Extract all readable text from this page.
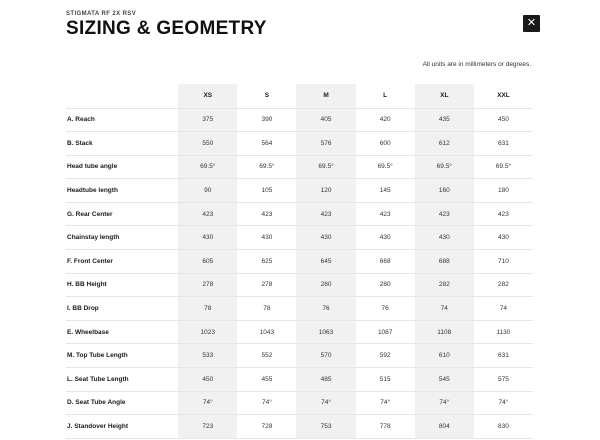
STIGMATA RF 2X RSV
SIZING & GEOMETRY	✕
All units are in millimeters or degrees.
	XS	S	M	L	XL	XXL
A. Reach	375	390	405	420	435	450
B. Stack	550	564	576	600	612	631
Head tube angle	69.5°	69.5°	69.5°	69.5°	69.5°	69.5°
Headtube length	90	105	120	145	160	180
G. Rear Center	423	423	423	423	423	423
Chainstay length	430	430	430	430	430	430
F. Front Center	605	625	645	668	688	710
H. BB Height	278	278	280	280	282	282
I. BB Drop	78	78	76	76	74	74
E. Wheelbase	1023	1043	1063	1087	1108	1130
M. Top Tube Length	533	552	570	592	610	631
L. Seat Tube Length	450	455	485	515	545	575
D. Seat Tube Angle	74°	74°	74°	74°	74°	74°
J. Standover Height	723	728	753	778	804	830
